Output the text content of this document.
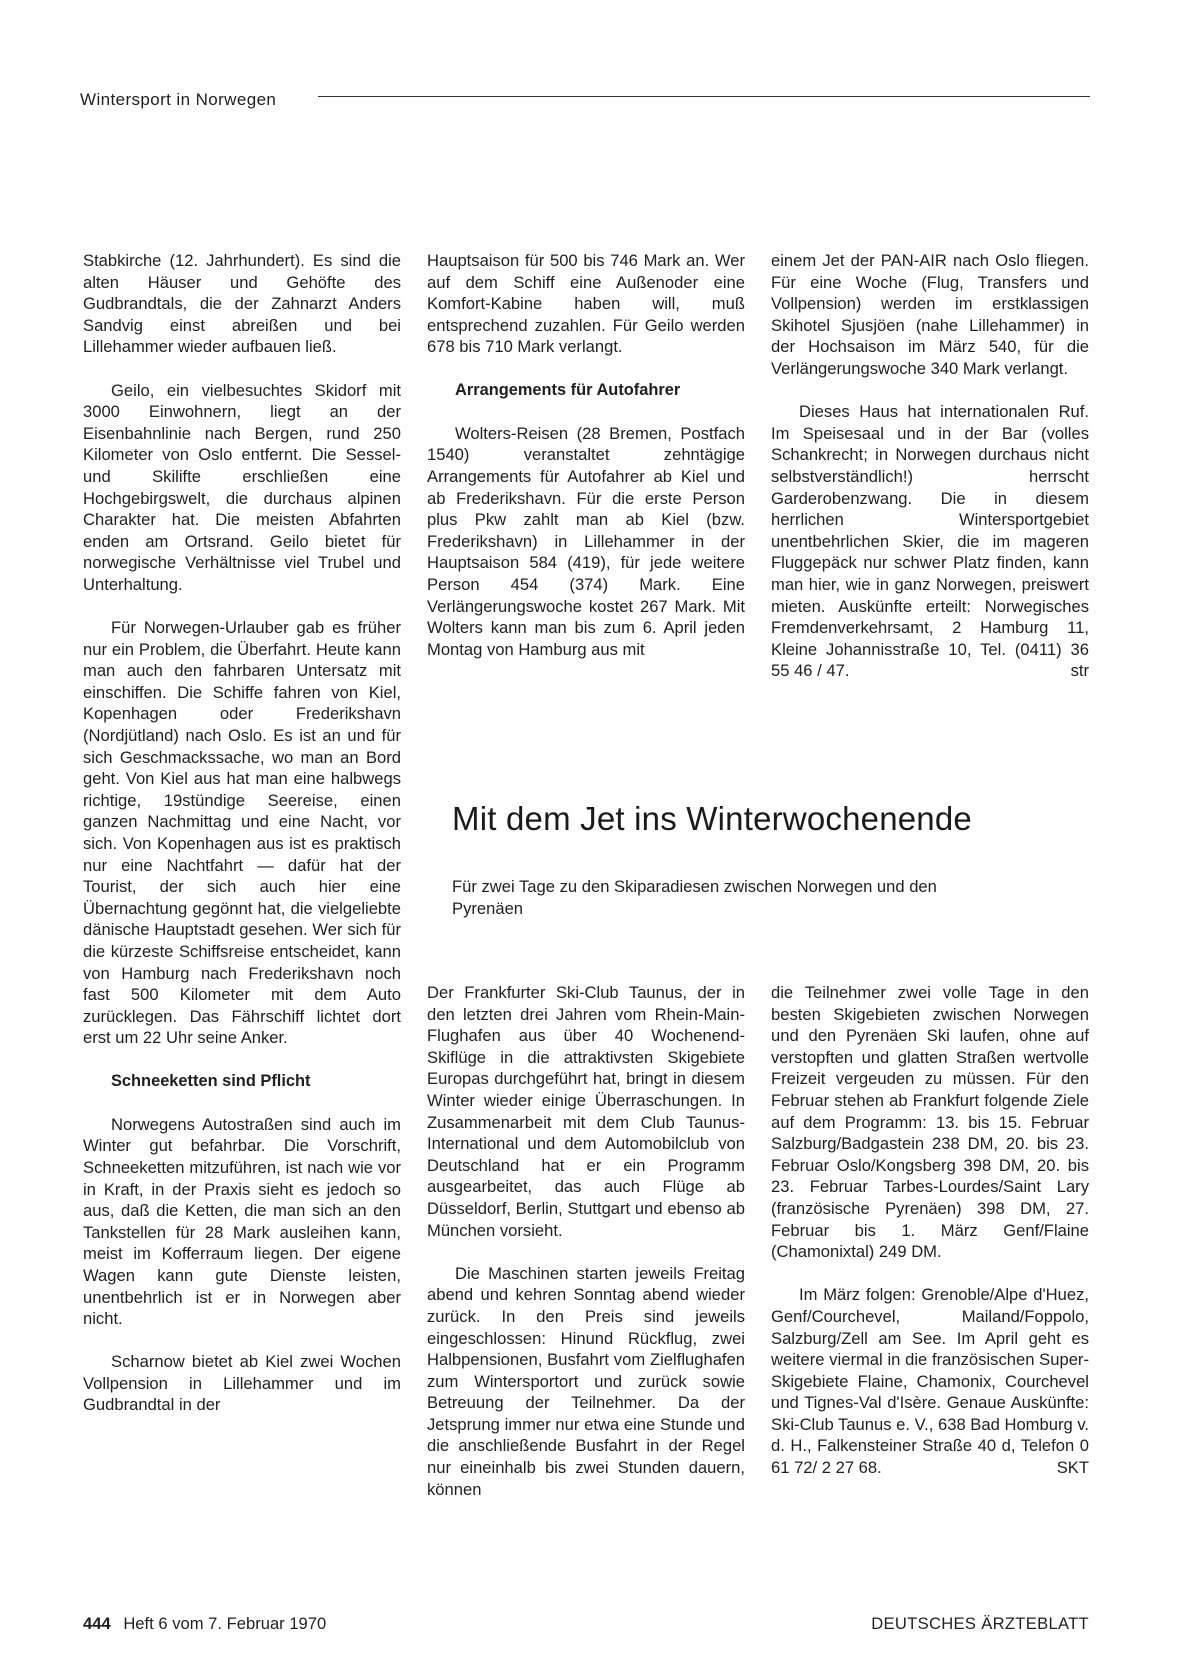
Wintersport in Norwegen

Stabkirche (12. Jahrhundert). Es sind die alten Häuser und Gehöfte des Gudbrandtals, die der Zahnarzt Anders Sandvig einst abreißen und bei Lillehammer wieder aufbauen ließ.

Geilo, ein vielbesuchtes Skidorf mit 3000 Einwohnern, liegt an der Eisenbahnlinie nach Bergen, rund 250 Kilometer von Oslo entfernt. Die Sessel- und Skilifte erschließen eine Hochgebirgswelt, die durchaus alpinen Charakter hat. Die meisten Abfahrten enden am Ortsrand. Geilo bietet für norwegische Verhältnisse viel Trubel und Unterhaltung.

Für Norwegen-Urlauber gab es früher nur ein Problem, die Überfahrt. Heute kann man auch den fahrbaren Untersatz mit einschiffen. Die Schiffe fahren von Kiel, Kopenhagen oder Frederikshavn (Nordjütland) nach Oslo. Es ist an und für sich Geschmackssache, wo man an Bord geht. Von Kiel aus hat man eine halbwegs richtige, 19stündige Seereise, einen ganzen Nachmittag und eine Nacht, vor sich. Von Kopenhagen aus ist es praktisch nur eine Nachtfahrt — dafür hat der Tourist, der sich auch hier eine Übernachtung gegönnt hat, die vielgeliebte dänische Hauptstadt gesehen. Wer sich für die kürzeste Schiffsreise entscheidet, kann von Hamburg nach Frederikshavn noch fast 500 Kilometer mit dem Auto zurücklegen. Das Fährschiff lichtet dort erst um 22 Uhr seine Anker.

Schneeketten sind Pflicht

Norwegens Autostraßen sind auch im Winter gut befahrbar. Die Vorschrift, Schneeketten mitzuführen, ist nach wie vor in Kraft, in der Praxis sieht es jedoch so aus, daß die Ketten, die man sich an den Tankstellen für 28 Mark ausleihen kann, meist im Kofferraum liegen. Der eigene Wagen kann gute Dienste leisten, unentbehrlich ist er in Norwegen aber nicht.

Scharnow bietet ab Kiel zwei Wochen Vollpension in Lillehammer und im Gudbrandtal in der

Hauptsaison für 500 bis 746 Mark an. Wer auf dem Schiff eine Außenoder eine Komfort-Kabine haben will, muß entsprechend zuzahlen. Für Geilo werden 678 bis 710 Mark verlangt.

Arrangements für Autofahrer

Wolters-Reisen (28 Bremen, Postfach 1540) veranstaltet zehntägige Arrangements für Autofahrer ab Kiel und ab Frederikshavn. Für die erste Person plus Pkw zahlt man ab Kiel (bzw. Frederikshavn) in Lillehammer in der Hauptsaison 584 (419), für jede weitere Person 454 (374) Mark. Eine Verlängerungswoche kostet 267 Mark. Mit Wolters kann man bis zum 6. April jeden Montag von Hamburg aus mit

einem Jet der PAN-AIR nach Oslo fliegen. Für eine Woche (Flug, Transfers und Vollpension) werden im erstklassigen Skihotel Sjusjöen (nahe Lillehammer) in der Hochsaison im März 540, für die Verlängerungswoche 340 Mark verlangt.

Dieses Haus hat internationalen Ruf. Im Speisesaal und in der Bar (volles Schankrecht; in Norwegen durchaus nicht selbstverständlich!) herrscht Garderobenzwang. Die in diesem herrlichen Wintersportgebiet unentbehrlichen Skier, die im mageren Fluggepäck nur schwer Platz finden, kann man hier, wie in ganz Norwegen, preiswert mieten. Auskünfte erteilt: Norwegisches Fremdenverkehrsamt, 2 Hamburg 11, Kleine Johannisstraße 10, Tel. (0411) 36 55 46 / 47.	str

Mit dem Jet ins Winterwochenende

Für zwei Tage zu den Skiparadiesen zwischen Norwegen und den Pyrenäen

Der Frankfurter Ski-Club Taunus, der in den letzten drei Jahren vom Rhein-Main-Flughafen aus über 40 Wochenend-Skiflüge in die attraktivsten Skigebiete Europas durchgeführt hat, bringt in diesem Winter wieder einige Überraschungen. In Zusammenarbeit mit dem Club Taunus-International und dem Automobilclub von Deutschland hat er ein Programm ausgearbeitet, das auch Flüge ab Düsseldorf, Berlin, Stuttgart und ebenso ab München vorsieht.

Die Maschinen starten jeweils Freitag abend und kehren Sonntag abend wieder zurück. In den Preis sind jeweils eingeschlossen: Hinund Rückflug, zwei Halbpensionen, Busfahrt vom Zielflughafen zum Wintersportort und zurück sowie Betreuung der Teilnehmer. Da der Jetsprung immer nur etwa eine Stunde und die anschließende Busfahrt in der Regel nur eineinhalb bis zwei Stunden dauern, können

die Teilnehmer zwei volle Tage in den besten Skigebieten zwischen Norwegen und den Pyrenäen Ski laufen, ohne auf verstopften und glatten Straßen wertvolle Freizeit vergeuden zu müssen. Für den Februar stehen ab Frankfurt folgende Ziele auf dem Programm: 13. bis 15. Februar Salzburg/Badgastein 238 DM, 20. bis 23. Februar Oslo/Kongsberg 398 DM, 20. bis 23. Februar Tarbes-Lourdes/Saint Lary (französische Pyrenäen) 398 DM, 27. Februar bis 1. März Genf/Flaine (Chamonixtal) 249 DM.

Im März folgen: Grenoble/Alpe d'Huez, Genf/Courchevel, Mailand/Foppolo, Salzburg/Zell am See. Im April geht es weitere viermal in die französischen Super-Skigebiete Flaine, Chamonix, Courchevel und Tignes-Val d'Isère. Genaue Auskünfte: Ski-Club Taunus e. V., 638 Bad Homburg v. d. H., Falkensteiner Straße 40 d, Telefon 0 61 72/ 2 27 68.	SKT

444 Heft 6 vom 7. Februar 1970	DEUTSCHES ÄRZTEBLATT
